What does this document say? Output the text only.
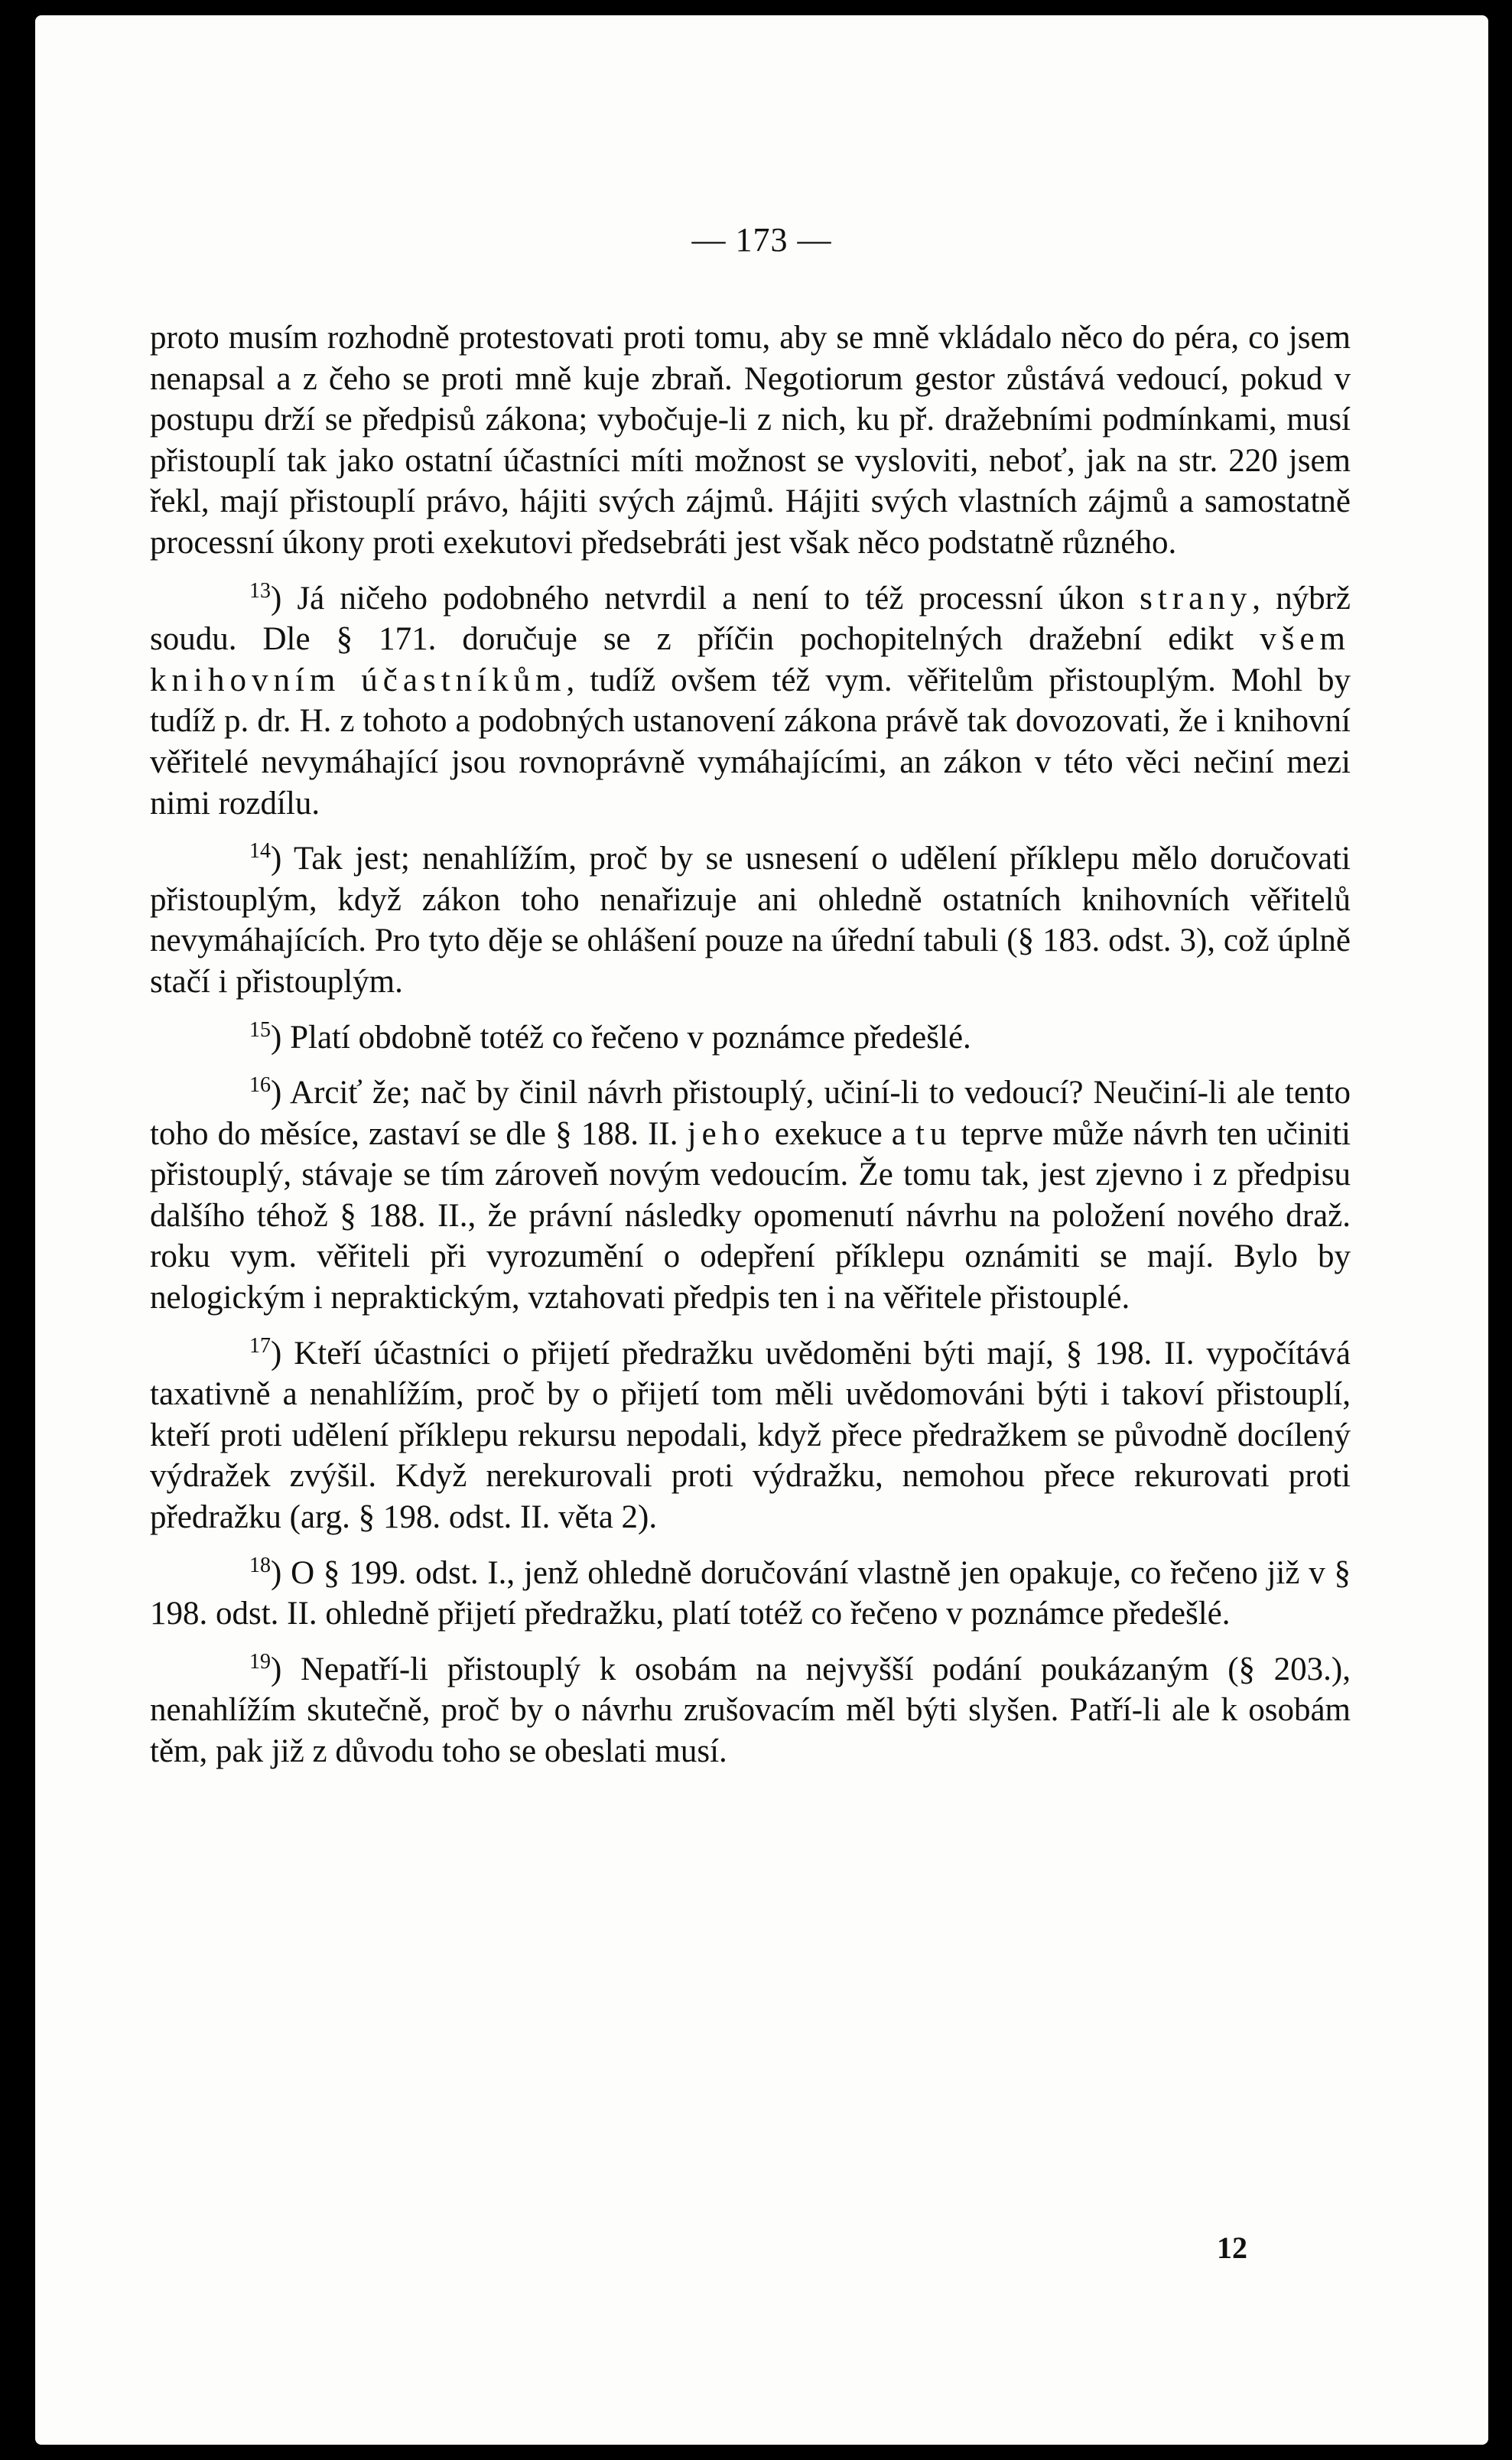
— 173 —

proto musím rozhodně protestovati proti tomu, aby se mně vkládalo něco do péra, co jsem nenapsal a z čeho se proti mně kuje zbraň. Negotiorum gestor zůstává vedoucí, pokud v postupu drží se předpisů zákona; vybočuje-li z nich, ku př. dražebními podmínkami, musí přistouplí tak jako ostatní účastníci míti možnost se vysloviti, neboť, jak na str. 220 jsem řekl, mají přistouplí právo, hájiti svých zájmů. Hájiti svých vlastních zájmů a samostatně processní úkony proti exekutovi předsebráti jest však něco podstatně různého.

$^{13}$) Já ničeho podobného netvrdil a není to též processní úkon strany, nýbrž soudu. Dle § 171. doručuje se z příčin pochopitelných dražební edikt všem knihovním účastníkům, tudíž ovšem též vym. věřitelům přistouplým. Mohl by tudíž p. dr. H. z tohoto a podobných ustanovení zákona právě tak dovozovati, že i knihovní věřitelé nevymáhající jsou rovnoprávně vymáhajícími, an zákon v této věci nečiní mezi nimi rozdílu.

$^{14}$) Tak jest; nenahlížím, proč by se usnesení o udělení příklepu mělo doručovati přistouplým, když zákon toho nenařizuje ani ohledně ostatních knihovních věřitelů nevymáhajících. Pro tyto děje se ohlášení pouze na úřední tabuli (§ 183. odst. 3), což úplně stačí i přistouplým.

$^{15}$) Platí obdobně totéž co řečeno v poznámce předešlé.

$^{16}$) Arciť že; nač by činil návrh přistouplý, učiní-li to vedoucí? Neučiní-li ale tento toho do měsíce, zastaví se dle § 188. II. jeho exekuce a tu teprve může návrh ten učiniti přistouplý, stávaje se tím zároveň novým vedoucím. Že tomu tak, jest zjevno i z předpisu dalšího téhož § 188. II., že právní následky opomenutí návrhu na položení nového draž. roku vym. věřiteli při vyrozumění o odepření příklepu oznámiti se mají. Bylo by nelogickým i nepraktickým, vztahovati předpis ten i na věřitele přistouplé.

$^{17}$) Kteří účastníci o přijetí předražku uvědoměni býti mají, § 198. II. vypočítává taxativně a nenahlížím, proč by o přijetí tom měli uvědomováni býti i takoví přistouplí, kteří proti udělení příklepu rekursu nepodali, když přece předražkem se původně docílený výdražek zvýšil. Když nerekurovali proti výdražku, nemohou přece rekurovati proti předražku (arg. § 198. odst. II. věta 2).

$^{18}$) O § 199. odst. I., jenž ohledně doručování vlastně jen opakuje, co řečeno již v § 198. odst. II. ohledně přijetí předražku, platí totéž co řečeno v poznámce předešlé.

$^{19}$) Nepatří-li přistouplý k osobám na nejvyšší podání poukázaným (§ 203.), nenahlížím skutečně, proč by o návrhu zrušovacím měl býti slyšen. Patří-li ale k osobám těm, pak již z důvodu toho se obeslati musí.

12
